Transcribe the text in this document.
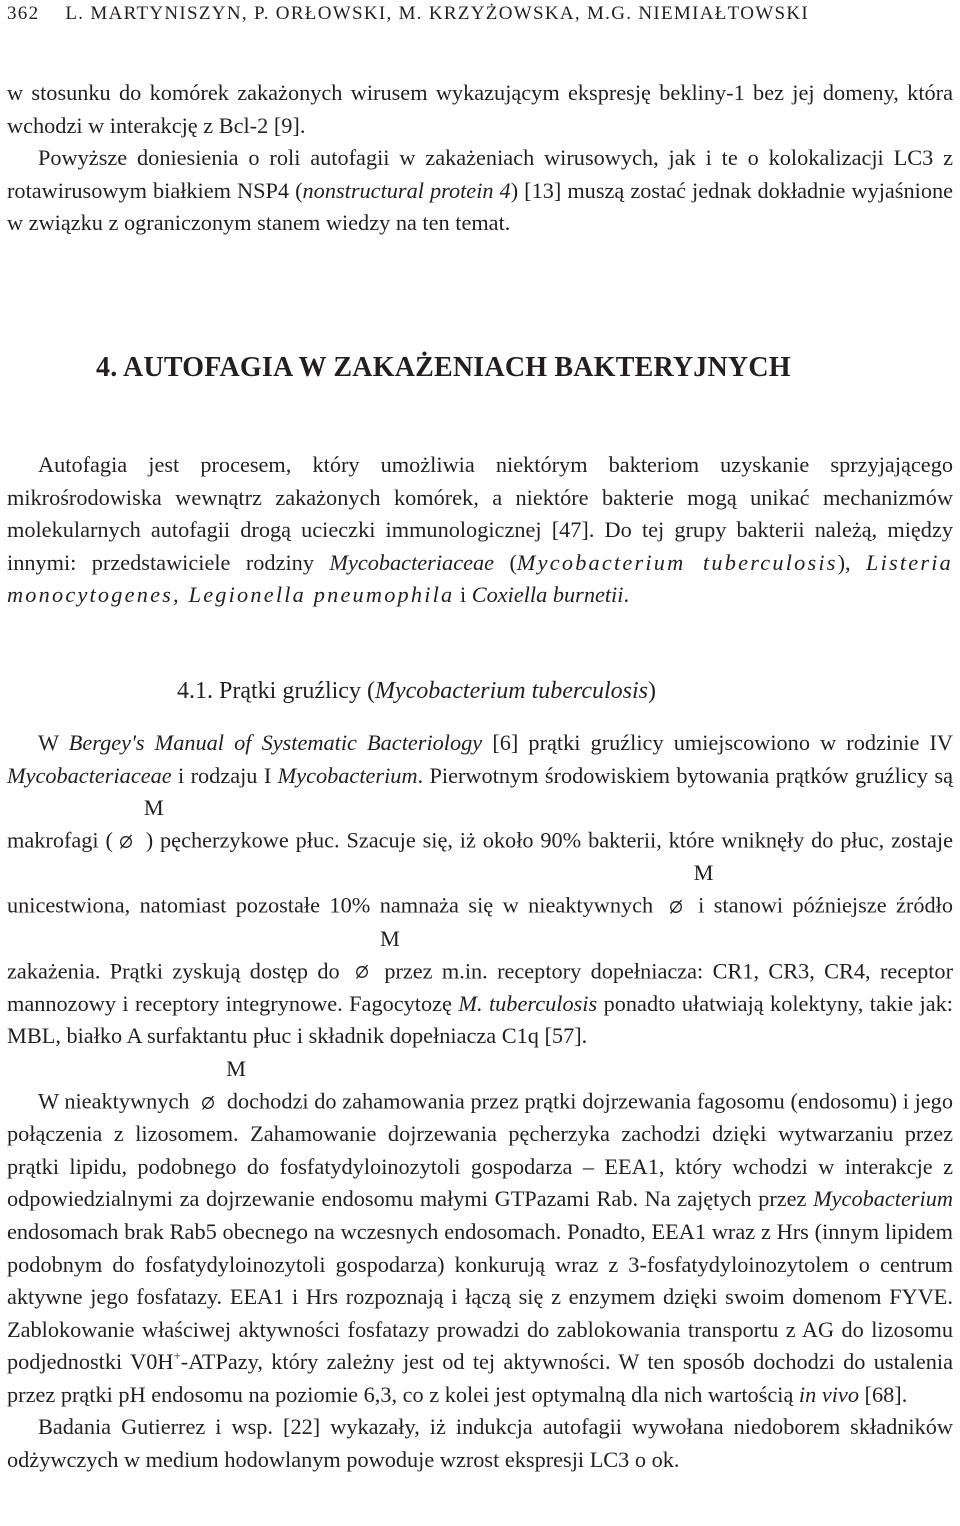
362 L. MARTYNISZYN, P. ORŁOWSKI, M. KRZYŻOWSKA, M.G. NIEMIAŁTOWSKI

w stosunku do komórek zakażonych wirusem wykazującym ekspresję bekliny-1 bez jej domeny, która wchodzi w interakcję z Bcl-2 [9].

Powyższe doniesienia o roli autofagii w zakażeniach wirusowych, jak i te o kolokalizacji LC3 z rotawirusowym białkiem NSP4 (nonstructural protein 4) [13] muszą zostać jednak dokładnie wyjaśnione w związku z ograniczonym stanem wiedzy na ten temat.

4. AUTOFAGIA W ZAKAŻENIACH BAKTERYJNYCH

Autofagia jest procesem, który umożliwia niektórym bakteriom uzyskanie sprzyjającego mikrośrodowiska wewnątrz zakażonych komórek, a niektóre bakterie mogą unikać mechanizmów molekularnych autofagii drogą ucieczki immunologicznej [47]. Do tej grupy bakterii należą, między innymi: przedstawiciele rodziny Mycobacteriaceae (Mycobacterium tuberculosis), Listeria monocytogenes, Legionella pneumophila i Coxiella burnetii.

4.1. Prątki gruźlicy (Mycobacterium tuberculosis)

W Bergey's Manual of Systematic Bacteriology [6] prątki gruźlicy umiejscowiono w rodzinie IV Mycobacteriaceae i rodzaju I Mycobacterium. Pierwotnym środowiskiem bytowania prątków gruźlicy są makrofagi (M ) pęcherzykowe płuc. Szacuje się, iż około 90% bakterii, które wniknęły do płuc, zostaje unicestwiona, natomiast pozostałe 10% namnaża się w nieaktywnych M i stanowi późniejsze źródło zakażenia. Prątki zyskują dostęp do M przez m.in. receptory dopełniacza: CR1, CR3, CR4, receptor mannozowy i receptory integrynowe. Fagocytozę M. tuberculosis ponadto ułatwiają kolektyny, takie jak: MBL, białko A surfaktantu płuc i składnik dopełniacza C1q [57].

W nieaktywnych M dochodzi do zahamowania przez prątki dojrzewania fagosomu (endosomu) i jego połączenia z lizosomem. Zahamowanie dojrzewania pęcherzyka zachodzi dzięki wytwarzaniu przez prątki lipidu, podobnego do fosfatydyloinozytoli gospodarza – EEA1, który wchodzi w interakcje z odpowiedzialnymi za dojrzewanie endosomu małymi GTPazami Rab. Na zajętych przez Mycobacterium endosomach brak Rab5 obecnego na wczesnych endosomach. Ponadto, EEA1 wraz z Hrs (innym lipidem podobnym do fosfatydyloinozytoli gospodarza) konkurują wraz z 3-fosfatydyloinozytolem o centrum aktywne jego fosfatazy. EEA1 i Hrs rozpoznają i łączą się z enzymem dzięki swoim domenom FYVE. Zablokowanie właściwej aktywności fosfatazy prowadzi do zablokowania transportu z AG do lizosomu podjednostki V0H+-ATPazy, który zależny jest od tej aktywności. W ten sposób dochodzi do ustalenia przez prątki pH endosomu na poziomie 6,3, co z kolei jest optymalną dla nich wartością in vivo [68].

Badania Gutierrez i wsp. [22] wykazały, iż indukcja autofagii wywołana niedoborem składników odżywczych w medium hodowlanym powoduje wzrost ekspresji LC3 o ok.
